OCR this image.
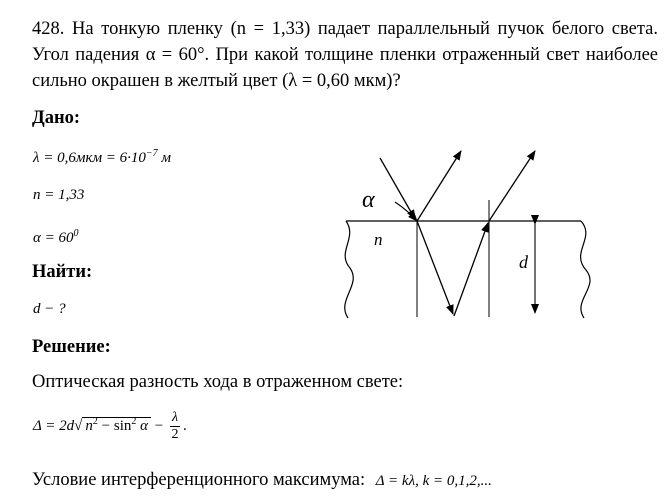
428. На тонкую пленку (n = 1,33) падает параллельный пучок белого света. Угол падения α = 60°. При какой толщине пленки отраженный свет наиболее сильно окрашен в желтый цвет (λ = 0,60 мкм)?
Дано:
$\lambda = 0,6мкм = 6\cdot 10^{-7}$ м
n = 1,33
$\alpha = 60^0$
Найти:
d − ?
Решение:
Оптическая разность хода в отраженном свете:
Δ = 2d√ $n^2 - \sin^2 \alpha - \frac{\lambda}{2}$ .
Условие интерференционного максимума: Δ = kλ, k = 0,1,2,...
α
n
d
